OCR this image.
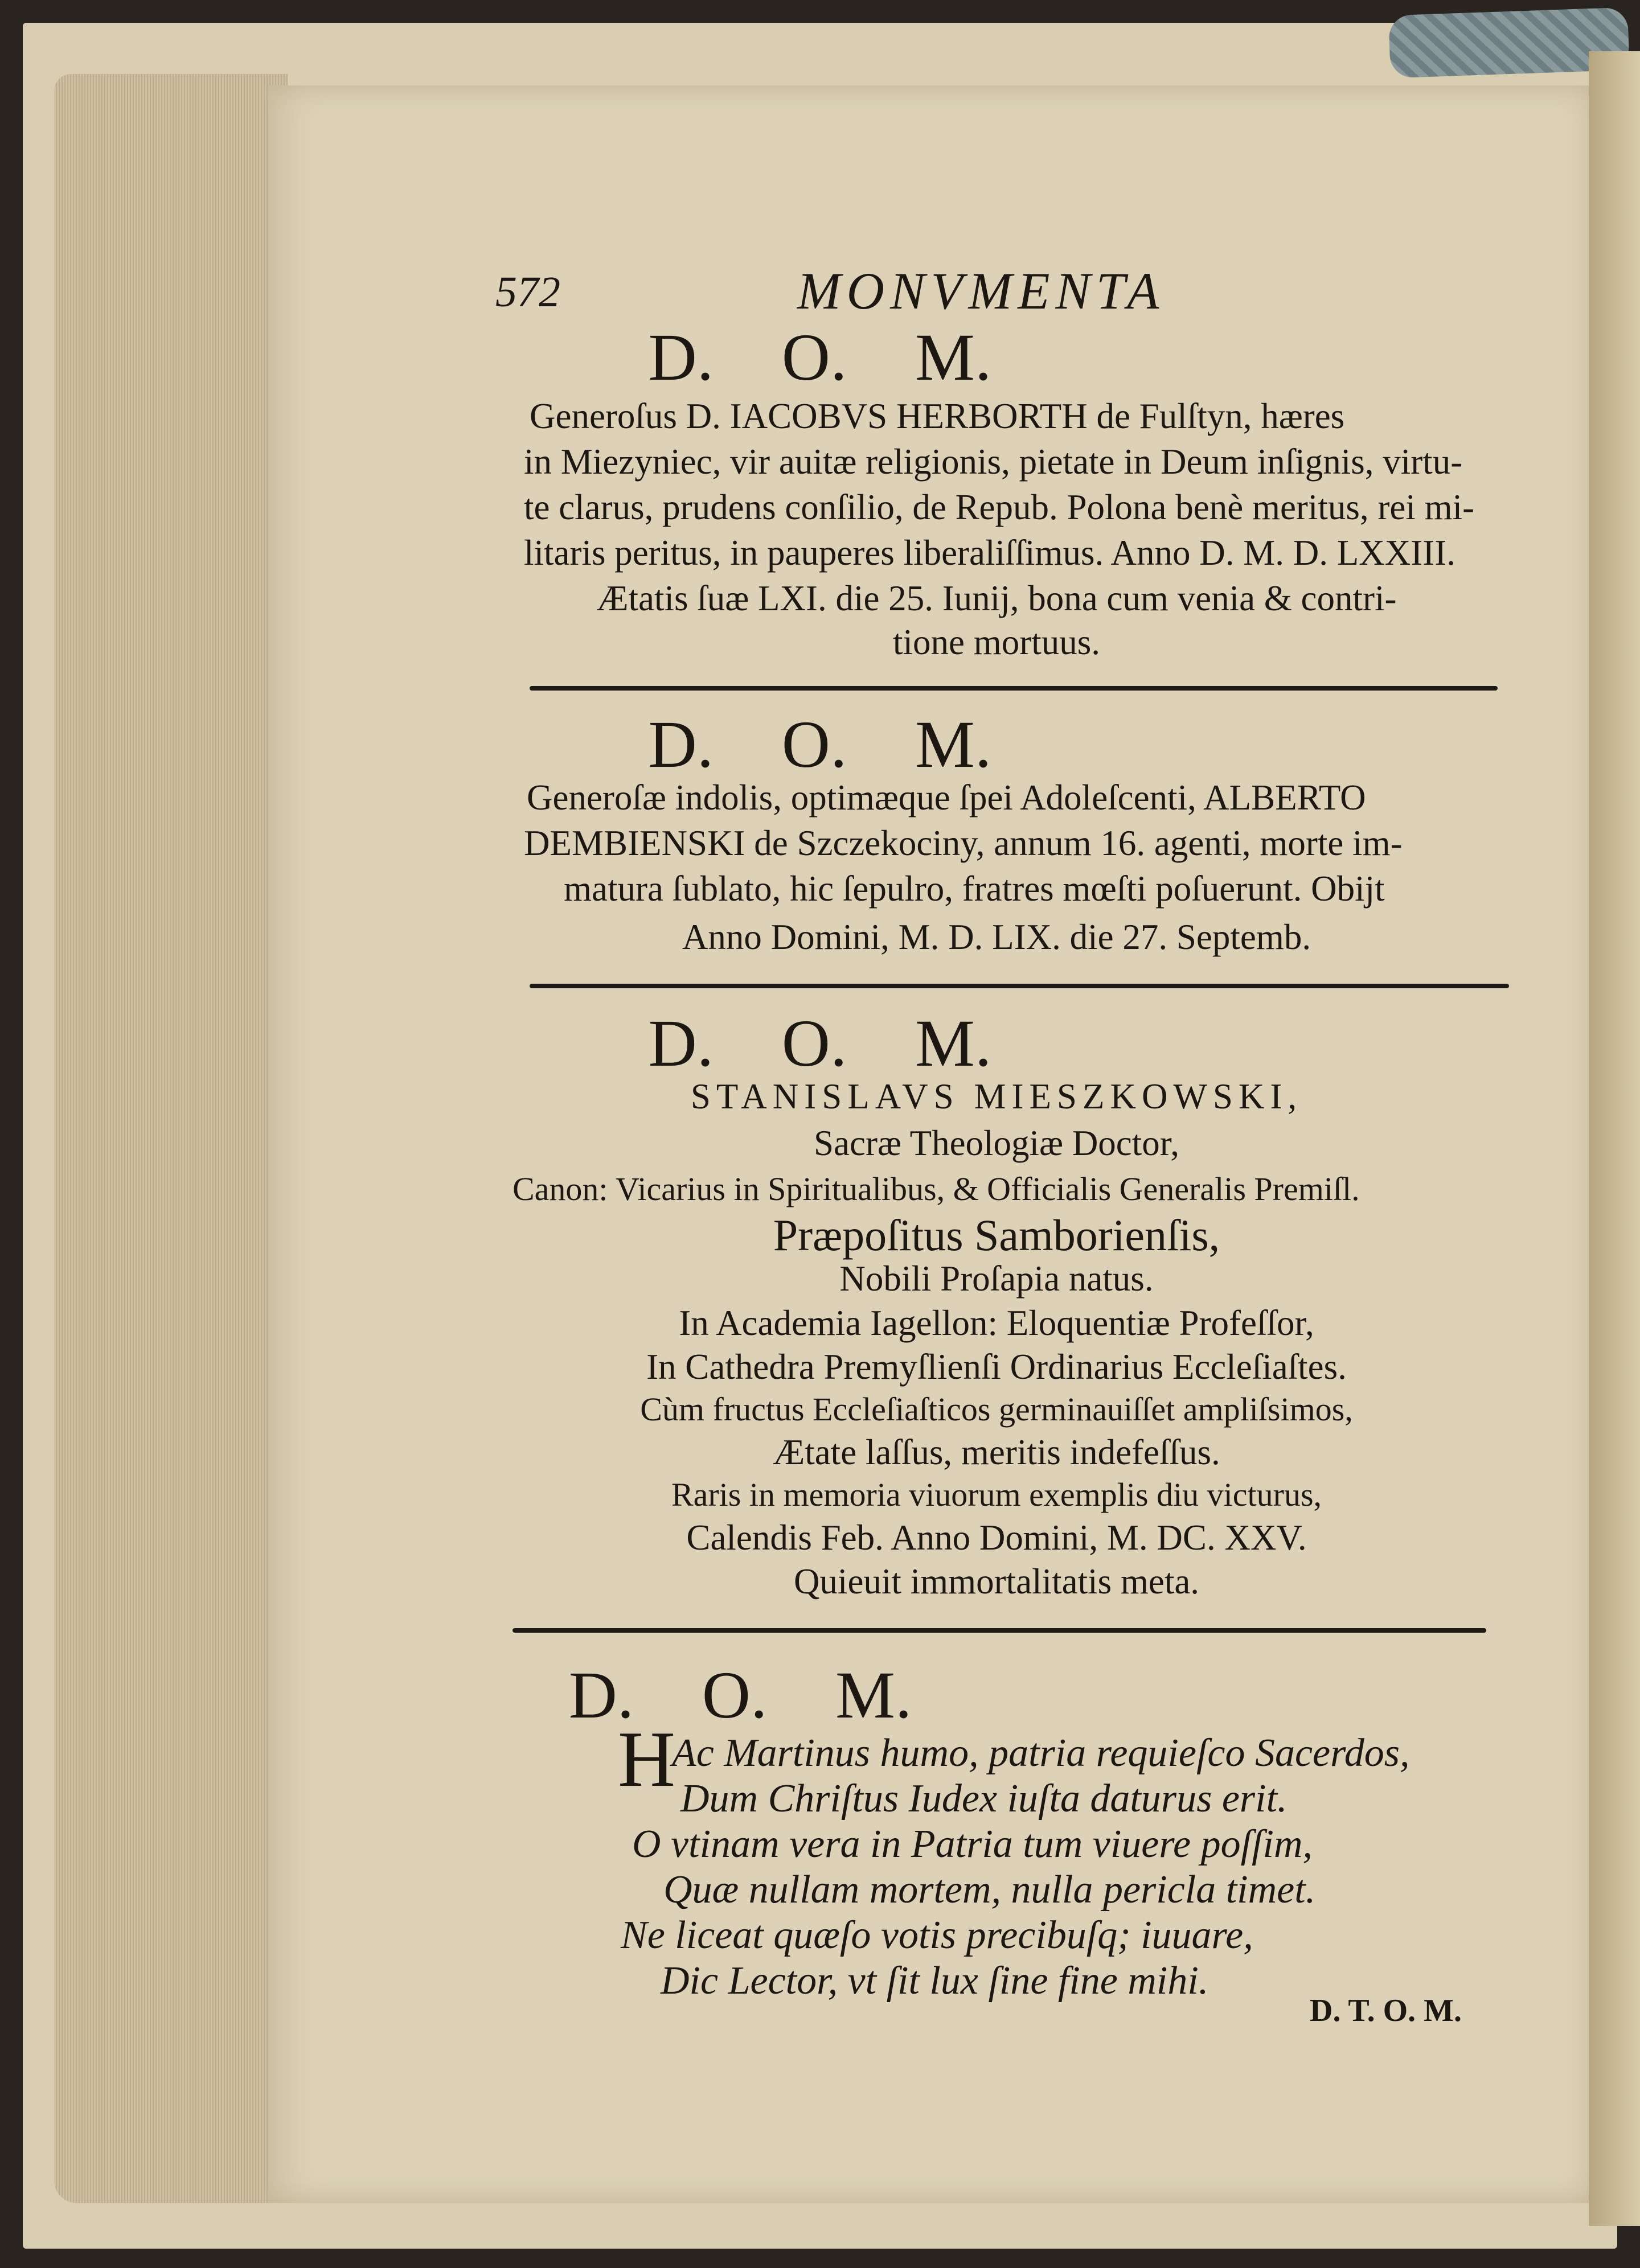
572	MONVMENTA
D. O. M.
Generoſus D. IACOBVS HERBORTH de Fulſtyn, hæres
in Miezyniec, vir auitæ religionis, pietate in Deum inſignis, virtu-
te clarus, prudens conſilio, de Repub. Polona benè meritus, rei mi-
litaris peritus, in pauperes liberaliſſimus. Anno D. M. D. LXXIII.
Ætatis ſuæ LXI. die 25. Iunij, bona cum venia & contri-
tione mortuus.
D. O. M.
Generoſæ indolis, optimæque ſpei Adoleſcenti, ALBERTO
DEMBIENSKI de Szczekociny, annum 16. agenti, morte im-
matura ſublato, hic ſepulro, fratres mœſti poſuerunt. Obijt
Anno Domini, M. D. LIX. die 27. Septemb.
D. O. M.
STANISLAVS MIESZKOWSKI,
Sacræ Theologiæ Doctor,
Canon: Vicarius in Spiritualibus, & Officialis Generalis Premiſl.
Præpoſitus Samborienſis,
Nobili Proſapia natus.
In Academia Iagellon: Eloquentiæ Profeſſor,
In Cathedra Premyſlienſi Ordinarius Eccleſiaſtes.
Cùm fructus Eccleſiaſticos germinauiſſet ampliſsimos,
Ætate laſſus, meritis indefeſſus.
Raris in memoria viuorum exemplis diu victurus,
Calendis Feb. Anno Domini, M. DC. XXV.
Quieuit immortalitatis meta.
D. O. M.
H
Ac Martinus humo, patria requieſco Sacerdos,
Dum Chriſtus Iudex iuſta daturus erit.
O vtinam vera in Patria tum viuere poſſim,
Quæ nullam mortem, nulla pericla timet.
Ne liceat quæſo votis precibuſq; iuuare,
Dic Lector, vt ſit lux ſine fine mihi.
D. T. O. M.
